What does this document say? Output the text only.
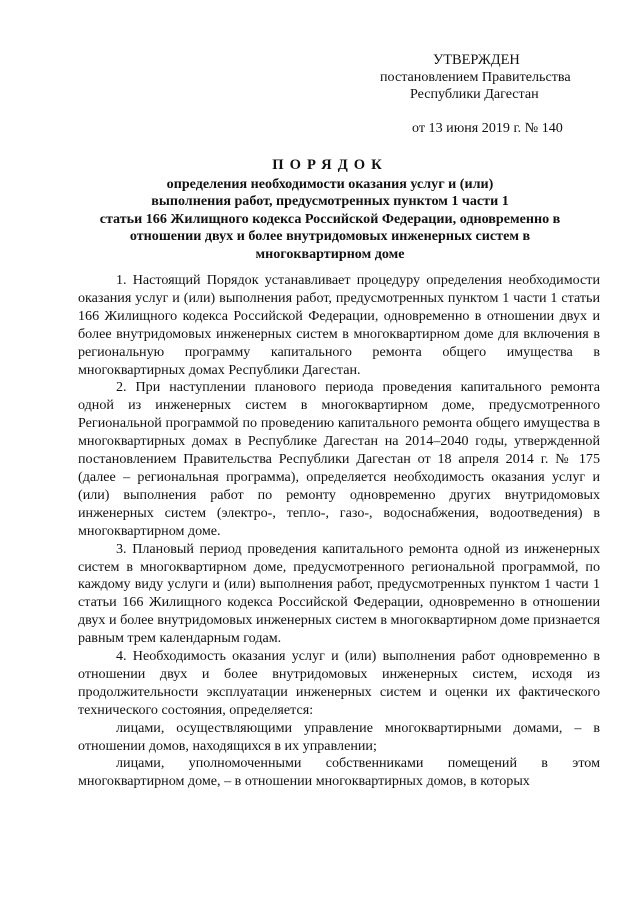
УТВЕРЖДЕН
постановлением Правительства
Республики Дагестан
от 13 июня 2019 г. № 140
ПОРЯДОК
определения необходимости оказания услуг и (или)
выполнения работ, предусмотренных пунктом 1 части 1
статьи 166 Жилищного кодекса Российской Федерации, одновременно в
отношении двух и более внутридомовых инженерных систем в
многоквартирном доме

1. Настоящий Порядок устанавливает процедуру определения необходимости оказания услуг и (или) выполнения работ, предусмотренных пунктом 1 части 1 статьи 166 Жилищного кодекса Российской Федерации, одновременно в отношении двух и более внутридомовых инженерных систем в многоквартирном доме для включения в региональную программу капитального ремонта общего имущества в многоквартирных домах Республики Дагестан.

2. При наступлении планового периода проведения капитального ремонта одной из инженерных систем в многоквартирном доме, предусмотренного Региональной программой по проведению капитального ремонта общего имущества в многоквартирных домах в Республике Дагестан на 2014–2040 годы, утвержденной постановлением Правительства Республики Дагестан от 18 апреля 2014 г. № 175 (далее – региональная программа), определяется необходимость оказания услуг и (или) выполнения работ по ремонту одновременно других внутридомовых инженерных систем (электро-, тепло-, газо-, водоснабжения, водоотведения) в многоквартирном доме.

3. Плановый период проведения капитального ремонта одной из инженерных систем в многоквартирном доме, предусмотренного региональной программой, по каждому виду услуги и (или) выполнения работ, предусмотренных пунктом 1 части 1 статьи 166 Жилищного кодекса Российской Федерации, одновременно в отношении двух и более внутридомовых инженерных систем в многоквартирном доме признается равным трем календарным годам.

4. Необходимость оказания услуг и (или) выполнения работ одновременно в отношении двух и более внутридомовых инженерных систем, исходя из продолжительности эксплуатации инженерных систем и оценки их фактического технического состояния, определяется:

лицами, осуществляющими управление многоквартирными домами, – в отношении домов, находящихся в их управлении;

лицами, уполномоченными собственниками помещений в этом многоквартирном доме, – в отношении многоквартирных домов, в которых
